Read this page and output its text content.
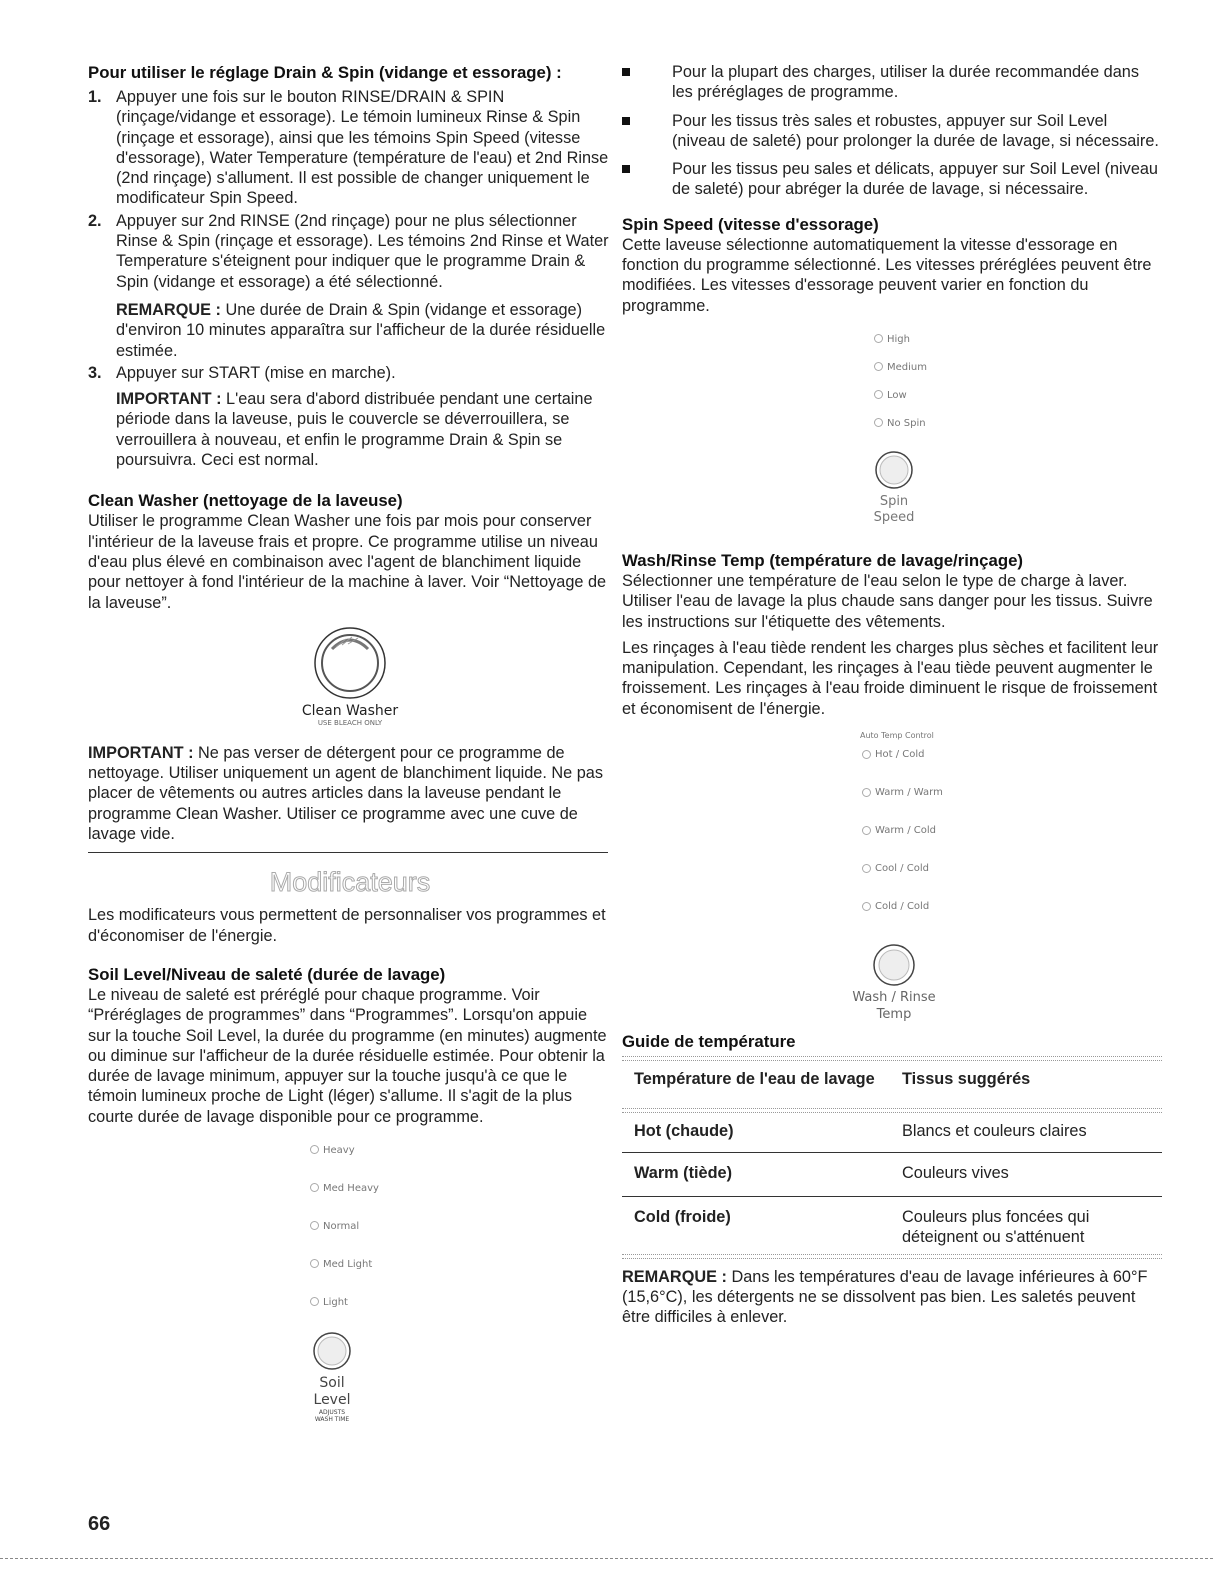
Pour utiliser le réglage Drain & Spin (vidange et essorage) :
1. Appuyer une fois sur le bouton RINSE/DRAIN & SPIN (rinçage/vidange et essorage). Le témoin lumineux Rinse & Spin (rinçage et essorage), ainsi que les témoins Spin Speed (vitesse d'essorage), Water Temperature (température de l'eau) et 2nd Rinse (2nd rinçage) s'allument. Il est possible de changer uniquement le modificateur Spin Speed.
2. Appuyer sur 2nd RINSE (2nd rinçage) pour ne plus sélectionner Rinse & Spin (rinçage et essorage). Les témoins 2nd Rinse et Water Temperature s'éteignent pour indiquer que le programme Drain & Spin (vidange et essorage) a été sélectionné.

REMARQUE : Une durée de Drain & Spin (vidange et essorage) d'environ 10 minutes apparaîtra sur l'afficheur de la durée résiduelle estimée.

3. Appuyer sur START (mise en marche).

IMPORTANT : L'eau sera d'abord distribuée pendant une certaine période dans la laveuse, puis le couvercle se déverrouillera, se verrouillera à nouveau, et enfin le programme Drain & Spin se poursuivra. Ceci est normal.

Clean Washer (nettoyage de la laveuse)

Utiliser le programme Clean Washer une fois par mois pour conserver l'intérieur de la laveuse frais et propre. Ce programme utilise un niveau d'eau plus élevé en combinaison avec l'agent de blanchiment liquide pour nettoyer à fond l'intérieur de la machine à laver. Voir “Nettoyage de la laveuse”.

Clean Washer
USE BLEACH ONLY

IMPORTANT : Ne pas verser de détergent pour ce programme de nettoyage. Utiliser uniquement un agent de blanchiment liquide. Ne pas placer de vêtements ou autres articles dans la laveuse pendant le programme Clean Washer. Utiliser ce programme avec une cuve de lavage vide.

Modificateurs

Les modificateurs vous permettent de personnaliser vos programmes et d'économiser de l'énergie.

Soil Level/Niveau de saleté (durée de lavage)

Le niveau de saleté est préréglé pour chaque programme. Voir “Préréglages de programmes” dans “Programmes”. Lorsqu'on appuie sur la touche Soil Level, la durée du programme (en minutes) augmente ou diminue sur l'afficheur de la durée résiduelle estimée. Pour obtenir la durée de lavage minimum, appuyer sur la touche jusqu'à ce que le témoin lumineux proche de Light (léger) s'allume. Il s'agit de la plus courte durée de lavage disponible pour ce programme.

Heavy
Med Heavy
Normal
Med Light
Light
Soil
Level
ADJUSTS
WASH TIME
Pour la plupart des charges, utiliser la durée recommandée dans les préréglages de programme.
Pour les tissus très sales et robustes, appuyer sur Soil Level (niveau de saleté) pour prolonger la durée de lavage, si nécessaire.
Pour les tissus peu sales et délicats, appuyer sur Soil Level (niveau de saleté) pour abréger la durée de lavage, si nécessaire.
Spin Speed (vitesse d'essorage)

Cette laveuse sélectionne automatiquement la vitesse d'essorage en fonction du programme sélectionné. Les vitesses préréglées peuvent être modifiées. Les vitesses d'essorage peuvent varier en fonction du programme.

High
Medium
Low
No Spin
Spin
Speed
Wash/Rinse Temp (température de lavage/rinçage)

Sélectionner une température de l'eau selon le type de charge à laver. Utiliser l'eau de lavage la plus chaude sans danger pour les tissus. Suivre les instructions sur l'étiquette des vêtements.

Les rinçages à l'eau tiède rendent les charges plus sèches et facilitent leur manipulation. Cependant, les rinçages à l'eau tiède peuvent augmenter le froissement. Les rinçages à l'eau froide diminuent le risque de froissement et économisent de l'énergie.

Auto Temp Control
Hot / Cold
Warm / Warm
Warm / Cold
Cool / Cold
Cold / Cold
Wash / Rinse
Temp
Guide de température
Température de l'eau de lavage	Tissus suggérés

Hot (chaude)	Blancs et couleurs claires

Warm (tiède)	Couleurs vives

Cold (froide)	Couleurs plus foncées qui déteignent ou s'atténuent

REMARQUE : Dans les températures d'eau de lavage inférieures à 60°F (15,6°C), les détergents ne se dissolvent pas bien. Les saletés peuvent être difficiles à enlever.

66
